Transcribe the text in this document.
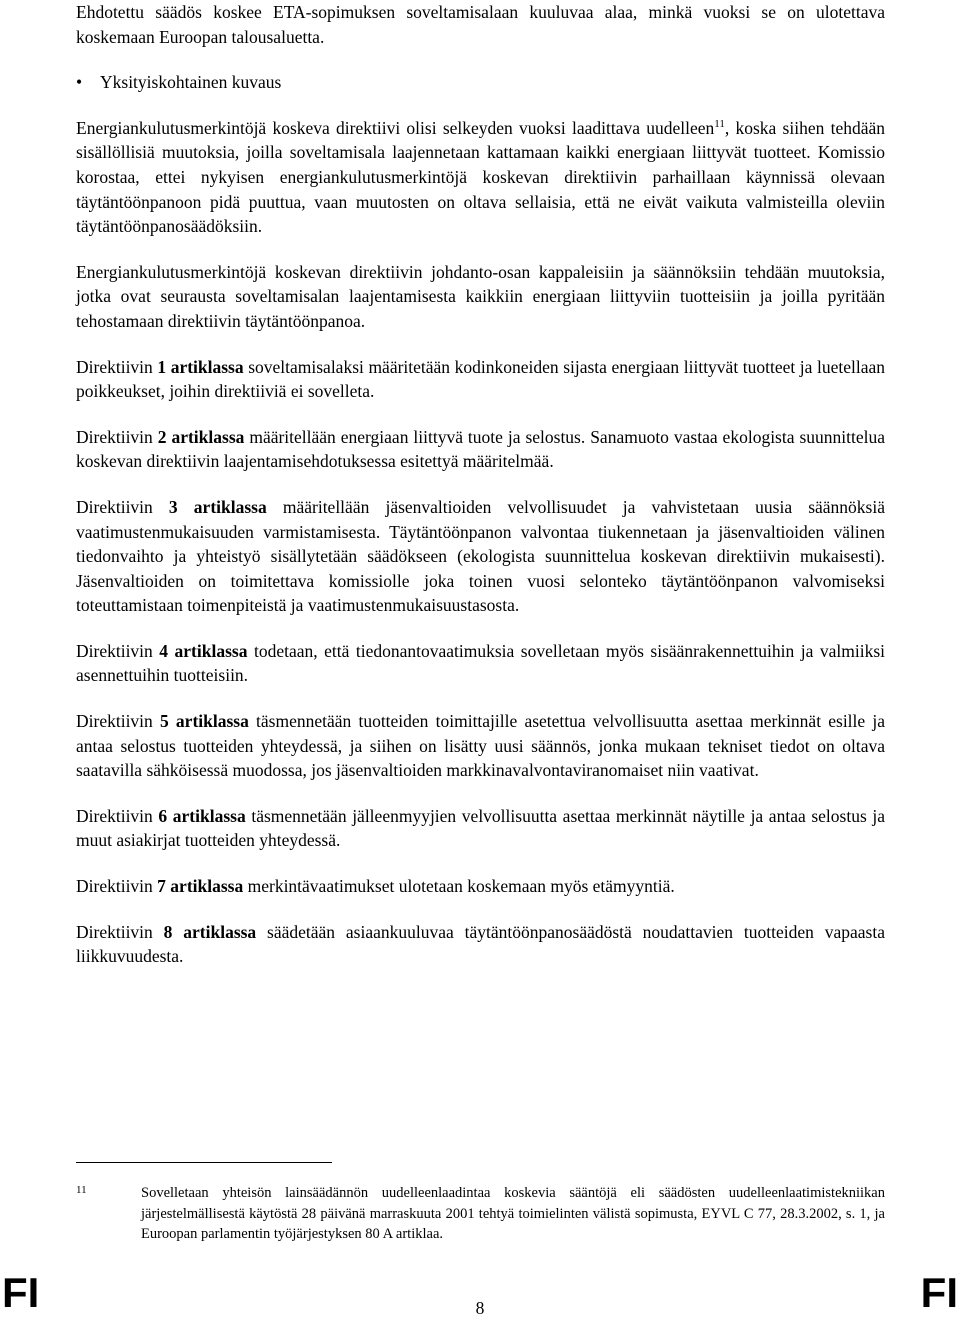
Ehdotettu säädös koskee ETA-sopimuksen soveltamisalaan kuuluvaa alaa, minkä vuoksi se on ulotettava koskemaan Euroopan talousaluetta.

• Yksityiskohtainen kuvaus

Energiankulutusmerkintöjä koskeva direktiivi olisi selkeyden vuoksi laadittava uudelleen$^{11}$, koska siihen tehdään sisällöllisiä muutoksia, joilla soveltamisala laajennetaan kattamaan kaikki energiaan liittyvät tuotteet. Komissio korostaa, ettei nykyisen energiankulutusmerkintöjä koskevan direktiivin parhaillaan käynnissä olevaan täytäntöönpanoon pidä puuttua, vaan muutosten on oltava sellaisia, että ne eivät vaikuta valmisteilla oleviin täytäntöönpanosäädöksiin.

Energiankulutusmerkintöjä koskevan direktiivin johdanto-osan kappaleisiin ja säännöksiin tehdään muutoksia, jotka ovat seurausta soveltamisalan laajentamisesta kaikkiin energiaan liittyviin tuotteisiin ja joilla pyritään tehostamaan direktiivin täytäntöönpanoa.

Direktiivin 1 artiklassa soveltamisalaksi määritetään kodinkoneiden sijasta energiaan liittyvät tuotteet ja luetellaan poikkeukset, joihin direktiiviä ei sovelleta.

Direktiivin 2 artiklassa määritellään energiaan liittyvä tuote ja selostus. Sanamuoto vastaa ekologista suunnittelua koskevan direktiivin laajentamisehdotuksessa esitettyä määritelmää.

Direktiivin 3 artiklassa määritellään jäsenvaltioiden velvollisuudet ja vahvistetaan uusia säännöksiä vaatimustenmukaisuuden varmistamisesta. Täytäntöönpanon valvontaa tiukennetaan ja jäsenvaltioiden välinen tiedonvaihto ja yhteistyö sisällytetään säädökseen (ekologista suunnittelua koskevan direktiivin mukaisesti). Jäsenvaltioiden on toimitettava komissiolle joka toinen vuosi selonteko täytäntöönpanon valvomiseksi toteuttamistaan toimenpiteistä ja vaatimustenmukaisuustasosta.

Direktiivin 4 artiklassa todetaan, että tiedonantovaatimuksia sovelletaan myös sisäänrakennettuihin ja valmiiksi asennettuihin tuotteisiin.

Direktiivin 5 artiklassa täsmennetään tuotteiden toimittajille asetettua velvollisuutta asettaa merkinnät esille ja antaa selostus tuotteiden yhteydessä, ja siihen on lisätty uusi säännös, jonka mukaan tekniset tiedot on oltava saatavilla sähköisessä muodossa, jos jäsenvaltioiden markkinavalvontaviranomaiset niin vaativat.

Direktiivin 6 artiklassa täsmennetään jälleenmyyjien velvollisuutta asettaa merkinnät näytille ja antaa selostus ja muut asiakirjat tuotteiden yhteydessä.

Direktiivin 7 artiklassa merkintävaatimukset ulotetaan koskemaan myös etämyyntiä.

Direktiivin 8 artiklassa säädetään asiaankuuluvaa täytäntöönpanosäädöstä noudattavien tuotteiden vapaasta liikkuvuudesta.

11	Sovelletaan yhteisön lainsäädännön uudelleenlaadintaa koskevia sääntöjä eli säädösten uudelleenlaatimistekniikan järjestelmällisestä käytöstä 28 päivänä marraskuuta 2001 tehtyä toimielinten välistä sopimusta, EYVL C 77, 28.3.2002, s. 1, ja Euroopan parlamentin työjärjestyksen 80 A artiklaa.
FI	8	FI
